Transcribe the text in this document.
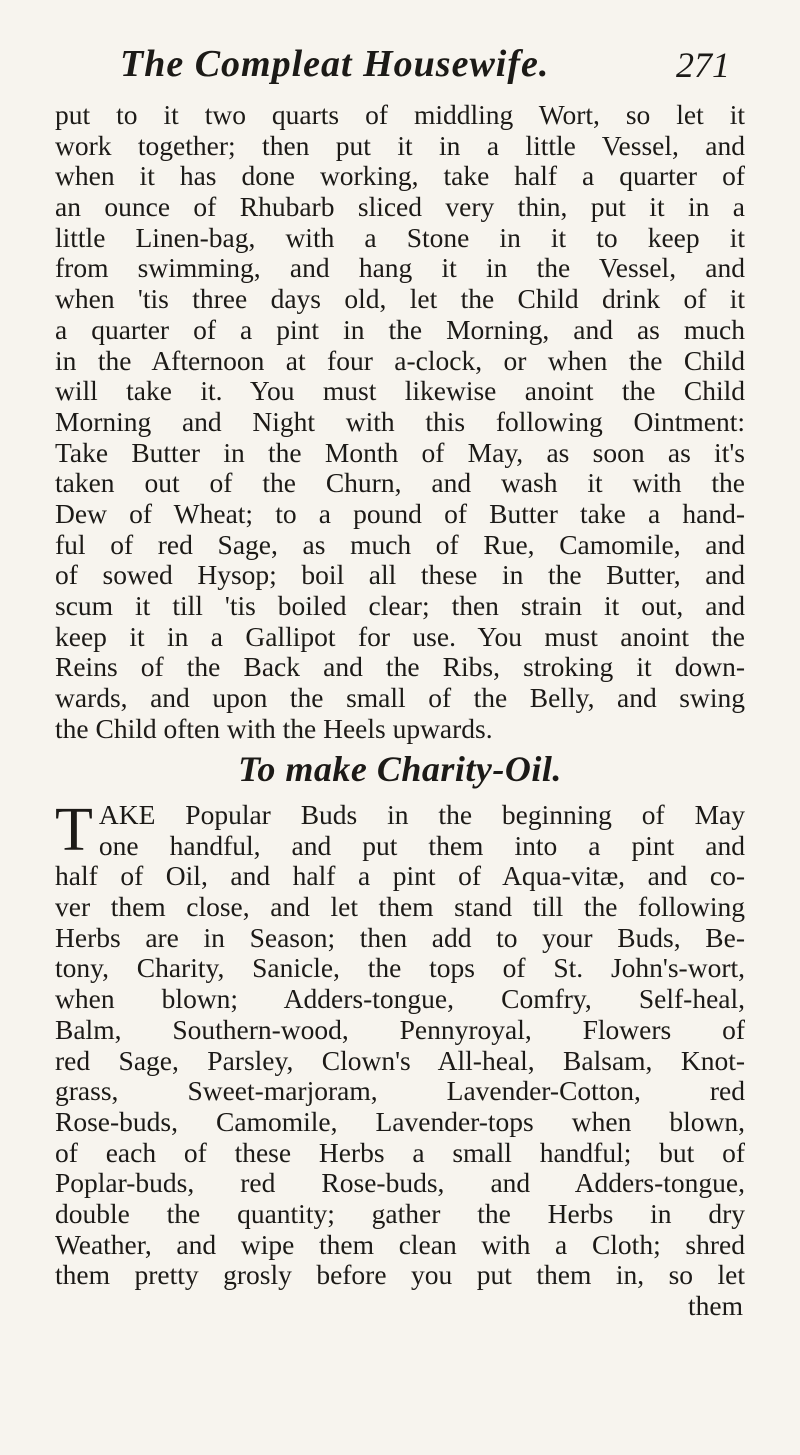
The Compleat Housewife.	271
put to it two quarts of middling Wort, so let it
work together; then put it in a little Vessel, and
when it has done working, take half a quarter of
an ounce of Rhubarb sliced very thin, put it in a
little Linen-bag, with a Stone in it to keep it
from swimming, and hang it in the Vessel, and
when 'tis three days old, let the Child drink of it
a quarter of a pint in the Morning, and as much
in the Afternoon at four a-clock, or when the Child
will take it. You must likewise anoint the Child
Morning and Night with this following Ointment:
Take Butter in the Month of May, as soon as it's
taken out of the Churn, and wash it with the
Dew of Wheat; to a pound of Butter take a hand-
ful of red Sage, as much of Rue, Camomile, and
of sowed Hysop; boil all these in the Butter, and
scum it till 'tis boiled clear; then strain it out, and
keep it in a Gallipot for use. You must anoint the
Reins of the Back and the Ribs, stroking it down-
wards, and upon the small of the Belly, and swing
the Child often with the Heels upwards.
To make Charity-Oil.
T AKE Popular Buds in the beginning of May
one handful, and put them into a pint and
half of Oil, and half a pint of Aqua-vitæ, and co-
ver them close, and let them stand till the following
Herbs are in Season; then add to your Buds, Be-
tony, Charity, Sanicle, the tops of St. John's-wort,
when blown; Adders-tongue, Comfry, Self-heal,
Balm, Southern-wood, Pennyroyal, Flowers of
red Sage, Parsley, Clown's All-heal, Balsam, Knot-
grass, Sweet-marjoram, Lavender-Cotton, red
Rose-buds, Camomile, Lavender-tops when blown,
of each of these Herbs a small handful; but of
Poplar-buds, red Rose-buds, and Adders-tongue,
double the quantity; gather the Herbs in dry
Weather, and wipe them clean with a Cloth; shred
them pretty grosly before you put them in, so let
them
